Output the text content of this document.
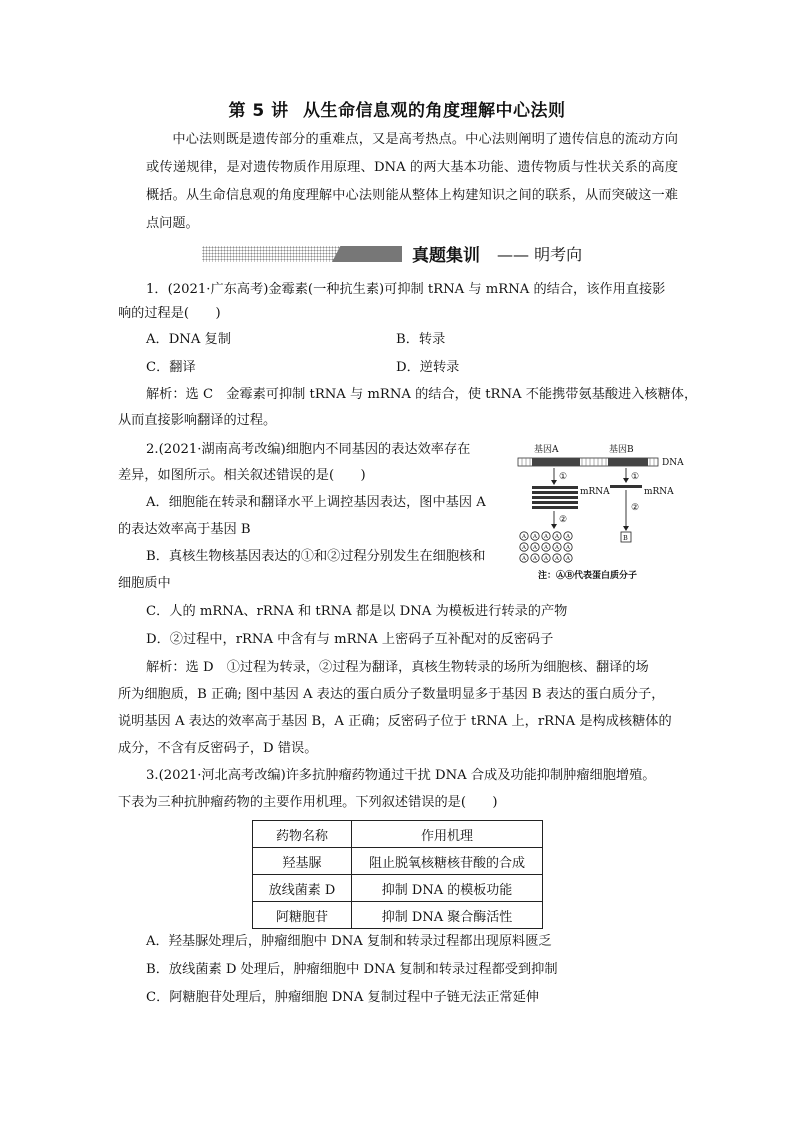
第 5 讲 从生命信息观的角度理解中心法则
中心法则既是遗传部分的重难点，又是高考热点。中心法则阐明了遗传信息的流动方向或传递规律，是对遗传物质作用原理、DNA 的两大基本功能、遗传物质与性状关系的高度概括。从生命信息观的角度理解中心法则能从整体上构建知识之间的联系，从而突破这一难点问题。
真题集训 —— 明考向
1．(2021·广东高考)金霉素(一种抗生素)可抑制 tRNA 与 mRNA 的结合，该作用直接影
响的过程是(　　)
A．DNA 复制	B．转录
C．翻译	D．逆转录
解析：选 C　金霉素可抑制 tRNA 与 mRNA 的结合，使 tRNA 不能携带氨基酸进入核糖体，
从而直接影响翻译的过程。
2.(2021·湖南高考改编)细胞内不同基因的表达效率存在
差异，如图所示。相关叙述错误的是(　　)
A．细胞能在转录和翻译水平上调控基因表达，图中基因 A
的表达效率高于基因 B
B．真核生物核基因表达的①和②过程分别发生在细胞核和
细胞质中
C．人的 mRNA、rRNA 和 tRNA 都是以 DNA 为模板进行转录的产物
D．②过程中，rRNA 中含有与 mRNA 上密码子互补配对的反密码子
解析：选 D　①过程为转录，②过程为翻译，真核生物转录的场所为细胞核、翻译的场
所为细胞质，B 正确; 图中基因 A 表达的蛋白质分子数量明显多于基因 B 表达的蛋白质分子，
说明基因 A 表达的效率高于基因 B，A 正确；反密码子位于 tRNA 上，rRNA 是构成核糖体的
成分，不含有反密码子，D 错误。
基因A	基因B
DNA
①	①
mRNA	mRNA
②
②
A A A A A
A A A A A
A A A A A
B
注：ⒶⒷ代表蛋白质分子
3.(2021·河北高考改编)许多抗肿瘤药物通过干扰 DNA 合成及功能抑制肿瘤细胞增殖。
下表为三种抗肿瘤药物的主要作用机理。下列叙述错误的是(　　)
药物名称	作用机理
羟基脲	阻止脱氧核糖核苷酸的合成
放线菌素 D	抑制 DNA 的模板功能
阿糖胞苷	抑制 DNA 聚合酶活性
A．羟基脲处理后，肿瘤细胞中 DNA 复制和转录过程都出现原料匮乏
B．放线菌素 D 处理后，肿瘤细胞中 DNA 复制和转录过程都受到抑制
C．阿糖胞苷处理后，肿瘤细胞 DNA 复制过程中子链无法正常延伸
